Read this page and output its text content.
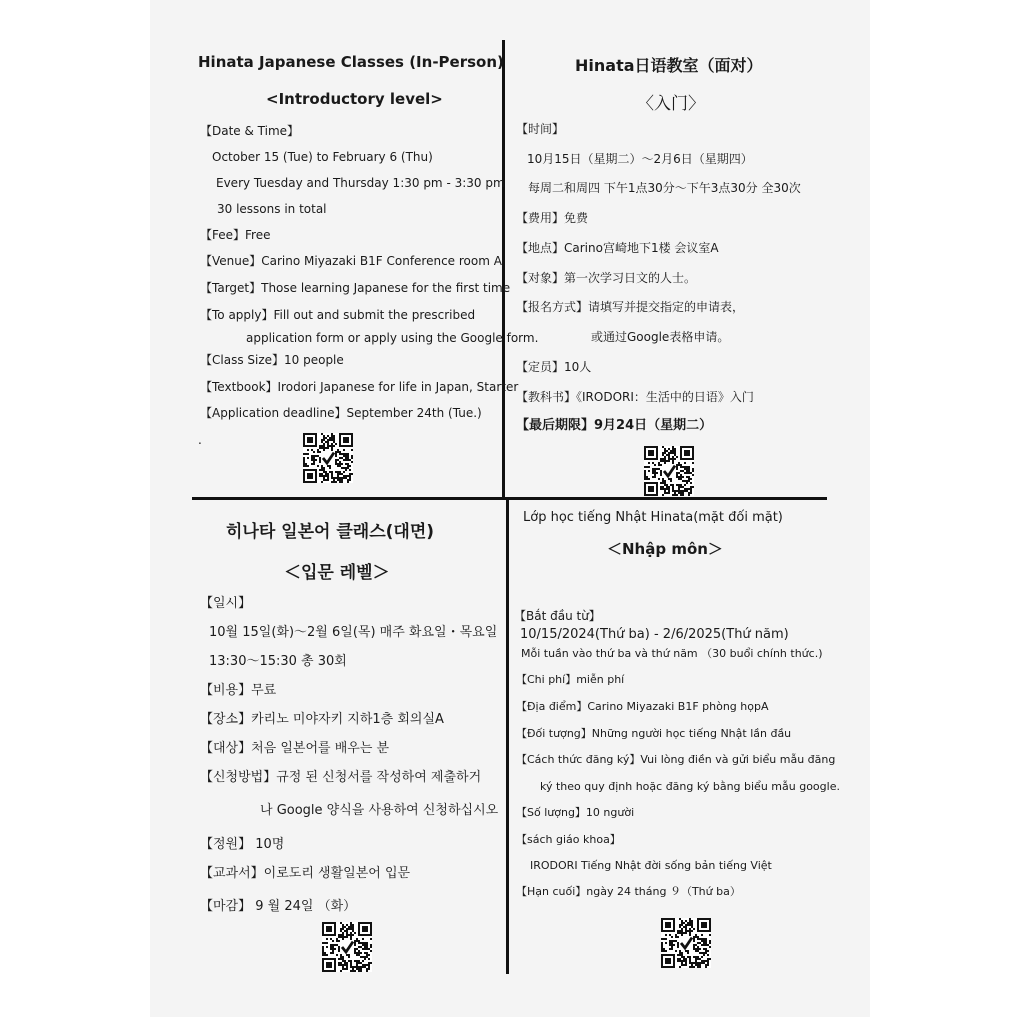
Hinata Japanese Classes (In-Person)
<Introductory level>
【Date & Time】
October 15 (Tue) to February 6 (Thu)
Every Tuesday and Thursday 1:30 pm - 3:30 pm
30 lessons in total
【Fee】Free
【Venue】Carino Miyazaki B1F Conference room A
【Target】Those learning Japanese for the first time
【To apply】Fill out and submit the prescribed
application form or apply using the Google form.
【Class Size】10 people
【Textbook】Irodori Japanese for life in Japan, Starter
【Application deadline】September 24th (Tue.)
.
Hinata日语教室（面对）
〈入门〉
【时间】
10月15日（星期二）～2月6日（星期四）
每周二和周四 下午1点30分～下午3点30分 全30次
【费用】免费
【地点】Carino宫崎地下1楼 会议室A
【对象】第一次学习日文的人士。
【报名方式】请填写并提交指定的申请表，
或通过Google表格申请。
【定员】10人
【教科书】《IRODORI：生活中的日语》入门
【最后期限】9月24日（星期二）
히나타 일본어 클래스(대면)
＜입문 레벨＞
【일시】
10월 15일(화)～2월 6일(목) 매주 화요일・목요일
13:30～15:30 총 30회
【비용】무료
【장소】카리노 미야자키 지하1층 회의실A
【대상】처음 일본어를 배우는 분
【신청방법】규정 된 신청서를 작성하여 제출하거
나 Google 양식을 사용하여 신청하십시오
【정원】 10명
【교과서】이로도리 생활일본어 입문
【마감】 9 월 24일 （화）
Lớp học tiếng Nhật Hinata(mặt đối mặt)
＜Nhập môn＞
【Bắt đầu từ】
10/15/2024(Thứ ba) - 2/6/2025(Thứ năm)
Mỗi tuần vào thứ ba và thứ năm （30 buổi chính thức.)
【Chi phí】miễn phí
【Địa điểm】Carino Miyazaki B1F phòng họpA
【Đối tượng】Những người học tiếng Nhật lần đầu
【Cách thức đăng ký】Vui lòng điền và gửi biểu mẫu đăng
ký theo quy định hoặc đăng ký bằng biểu mẫu google.
【Số lượng】10 người
【sách giáo khoa】
IRODORI Tiếng Nhật đời sống bản tiếng Việt
【Hạn cuối】ngày 24 tháng ９（Thứ ba）
